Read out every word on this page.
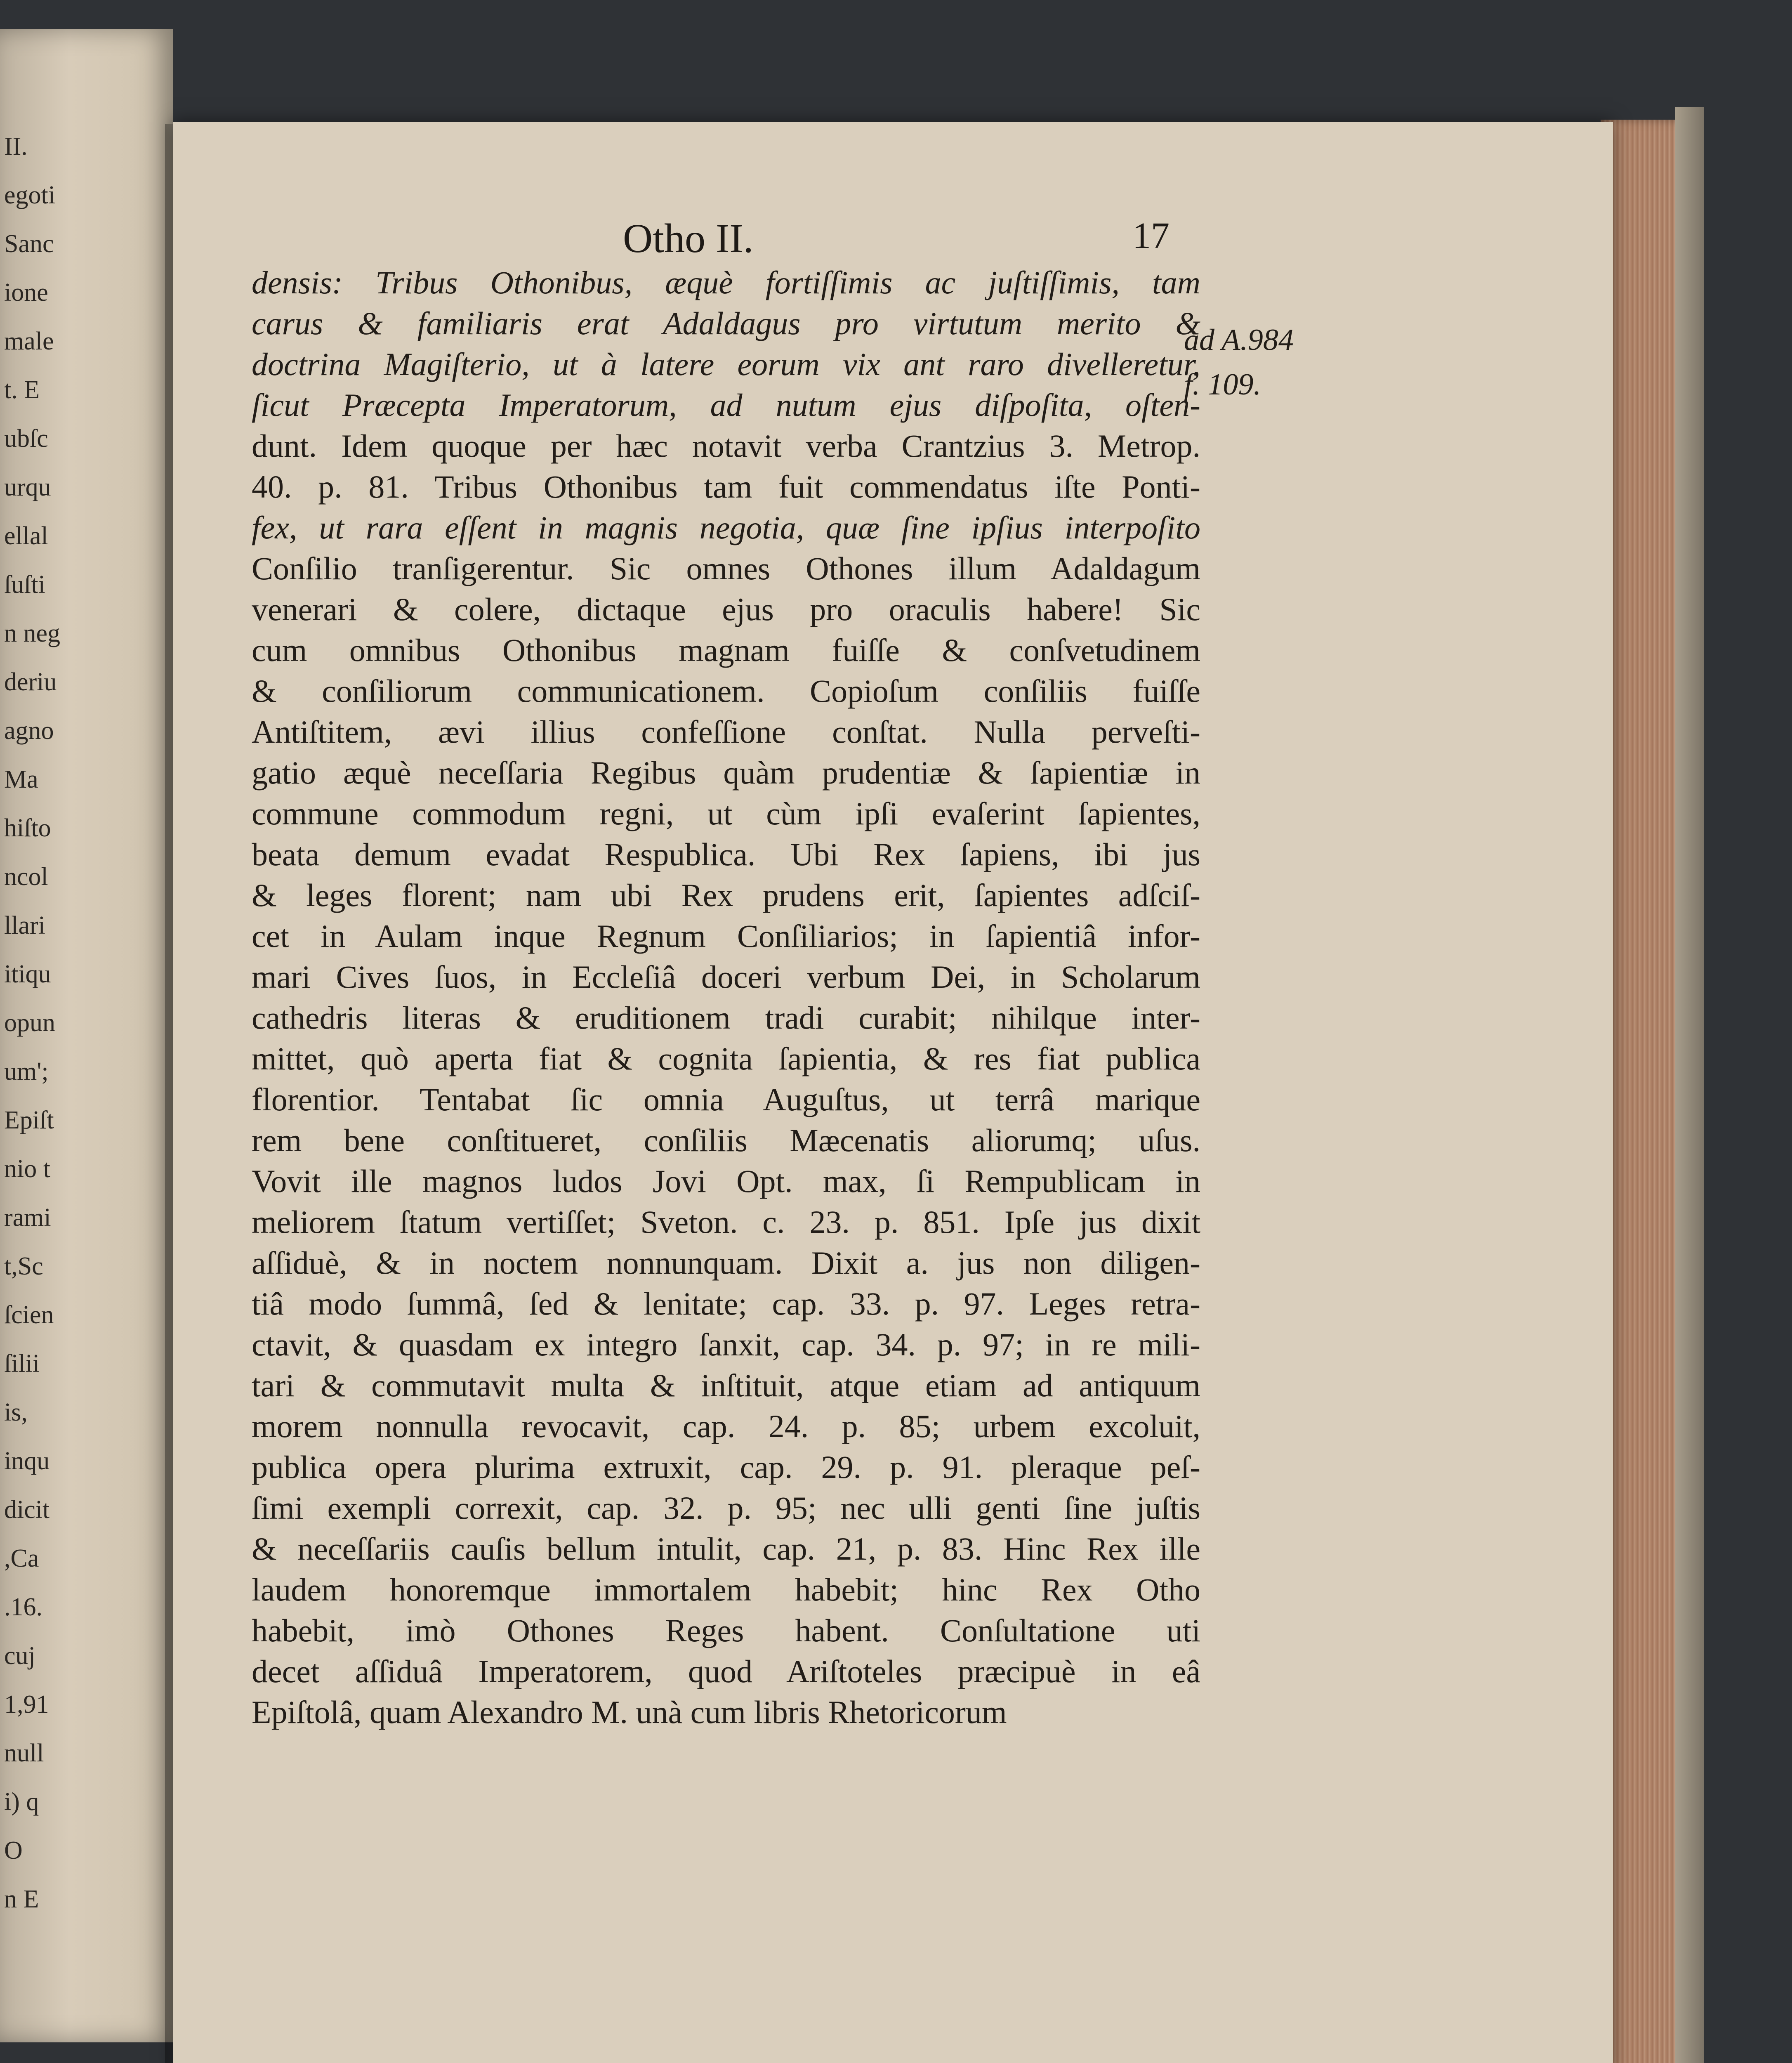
II.
egoti
Sanc
ione
male
t. E
ubſc
urqu
ellal
ſuſti
n neg
deriu
agno
Ma
hiſto
ncol
llari
itiqu
opun
um';
Epiſt
nio t
rami
t,Sc
ſcien
ſilii
is,
inqu
dicit
,Ca
.16.
cuj
1,91
null
i) q
O
n E
Otho II.	17
densis: Tribus Othonibus, æquè fortiſſimis ac juſtiſſimis, tam
carus & familiaris erat Adaldagus pro virtutum merito &
doctrina Magiſterio, ut à latere eorum vix ant raro divelleretur,
ſicut Præcepta Imperatorum, ad nutum ejus diſpoſita, oſten-
dunt. Idem quoque per hæc notavit verba Crantzius 3. Metrop.
40. p. 81. Tribus Othonibus tam fuit commendatus iſte Ponti-
fex, ut rara eſſent in magnis negotia, quæ ſine ipſius interpoſito
Conſilio tranſigerentur. Sic omnes Othones illum Adaldagum
venerari & colere, dictaque ejus pro oraculis habere! Sic
cum omnibus Othonibus magnam fuiſſe & conſvetudinem
& conſiliorum communicationem. Copioſum conſiliis fuiſſe
Antiſtitem, ævi illius confeſſione conſtat. Nulla perveſti-
gatio æquè neceſſaria Regibus quàm prudentiæ & ſapientiæ in
commune commodum regni, ut cùm ipſi evaſerint ſapientes,
beata demum evadat Respublica. Ubi Rex ſapiens, ibi jus
& leges florent; nam ubi Rex prudens erit, ſapientes adſciſ-
cet in Aulam inque Regnum Conſiliarios; in ſapientiâ infor-
mari Cives ſuos, in Eccleſiâ doceri verbum Dei, in Scholarum
cathedris literas & eruditionem tradi curabit; nihilque inter-
mittet, quò aperta fiat & cognita ſapientia, & res fiat publica
florentior. Tentabat ſic omnia Auguſtus, ut terrâ marique
rem bene conſtitueret, conſiliis Mæcenatis aliorumq; uſus.
Vovit ille magnos ludos Jovi Opt. max, ſi Rempublicam in
meliorem ſtatum vertiſſet; Sveton. c. 23. p. 851. Ipſe jus dixit
aſſiduè, & in noctem nonnunquam. Dixit a. jus non diligen-
tiâ modo ſummâ, ſed & lenitate; cap. 33. p. 97. Leges retra-
ctavit, & quasdam ex integro ſanxit, cap. 34. p. 97; in re mili-
tari & commutavit multa & inſtituit, atque etiam ad antiquum
morem nonnulla revocavit, cap. 24. p. 85; urbem excoluit,
publica opera plurima extruxit, cap. 29. p. 91. pleraque peſ-
ſimi exempli correxit, cap. 32. p. 95; nec ulli genti ſine juſtis
& neceſſariis cauſis bellum intulit, cap. 21, p. 83. Hinc Rex ille
laudem honoremque immortalem habebit; hinc Rex Otho
habebit, imò Othones Reges habent. Conſultatione uti
decet aſſiduâ Imperatorem, quod Ariſtoteles præcipuè in eâ
Epiſtolâ, quam Alexandro M. unà cum libris Rhetoricorum
ad A.984
f. 109.
